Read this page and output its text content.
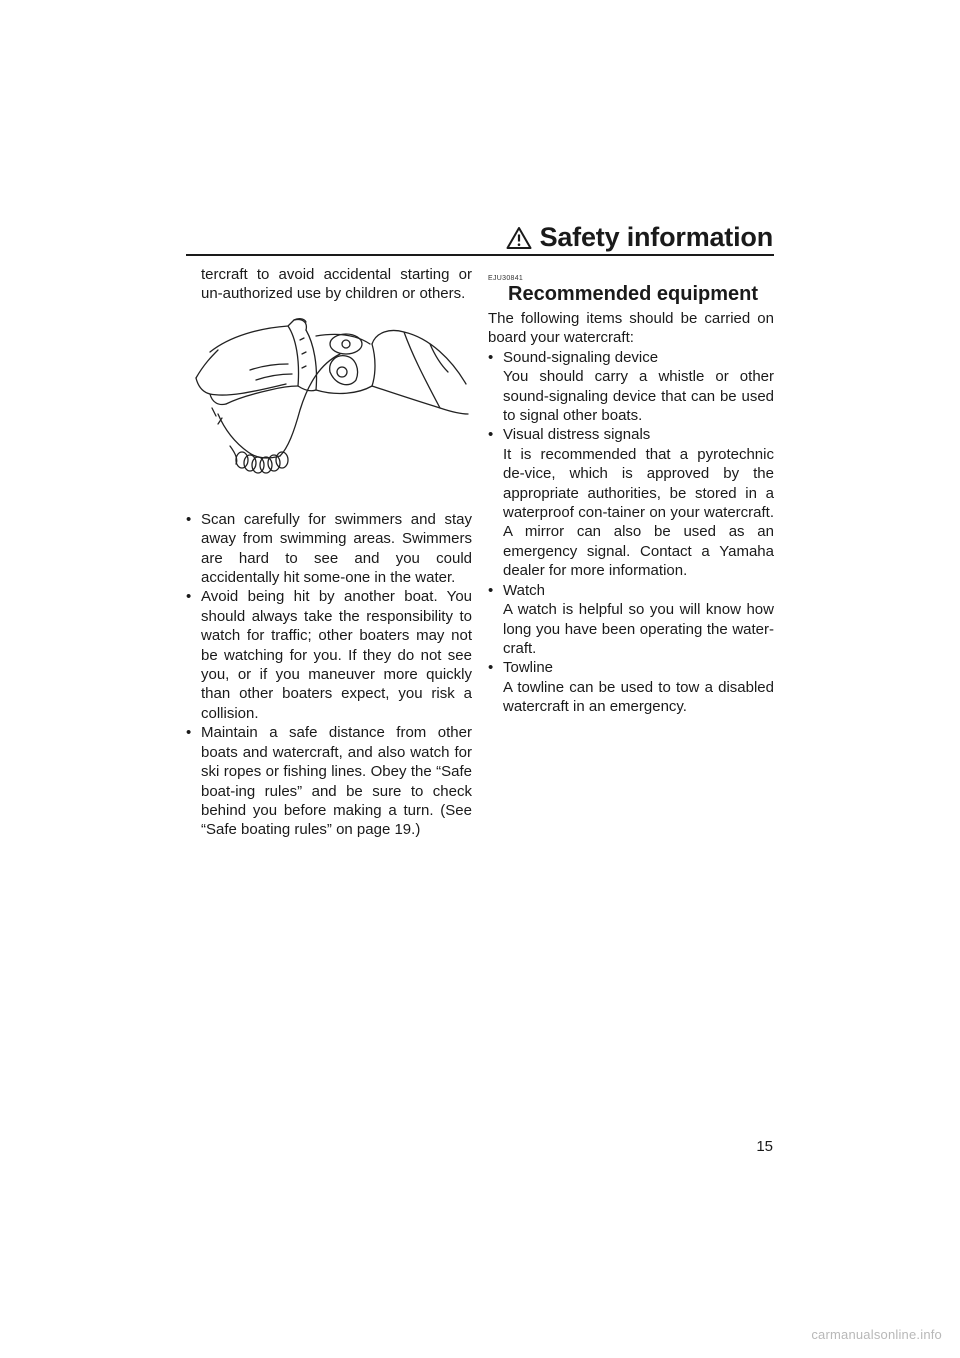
Safety information

tercraft to avoid accidental starting or un-authorized use by children or others.

• Scan carefully for swimmers and stay away from swimming areas. Swimmers are hard to see and you could accidentally hit some-one in the water.
• Avoid being hit by another boat. You should always take the responsibility to watch for traffic; other boaters may not be watching for you. If they do not see you, or if you maneuver more quickly than other boaters expect, you risk a collision.
• Maintain a safe distance from other boats and watercraft, and also watch for ski ropes or fishing lines. Obey the “Safe boat-ing rules” and be sure to check behind you before making a turn. (See “Safe boating rules” on page 19.)

EJU30841

Recommended equipment

The following items should be carried on board your watercraft:

• Sound-signaling device
You should carry a whistle or other sound-signaling device that can be used to signal other boats.
• Visual distress signals
It is recommended that a pyrotechnic de-vice, which is approved by the appropriate authorities, be stored in a waterproof con-tainer on your watercraft. A mirror can also be used as an emergency signal. Contact a Yamaha dealer for more information.
• Watch
A watch is helpful so you will know how long you have been operating the water-craft.
• Towline
A towline can be used to tow a disabled watercraft in an emergency.
15
carmanualsonline.info
